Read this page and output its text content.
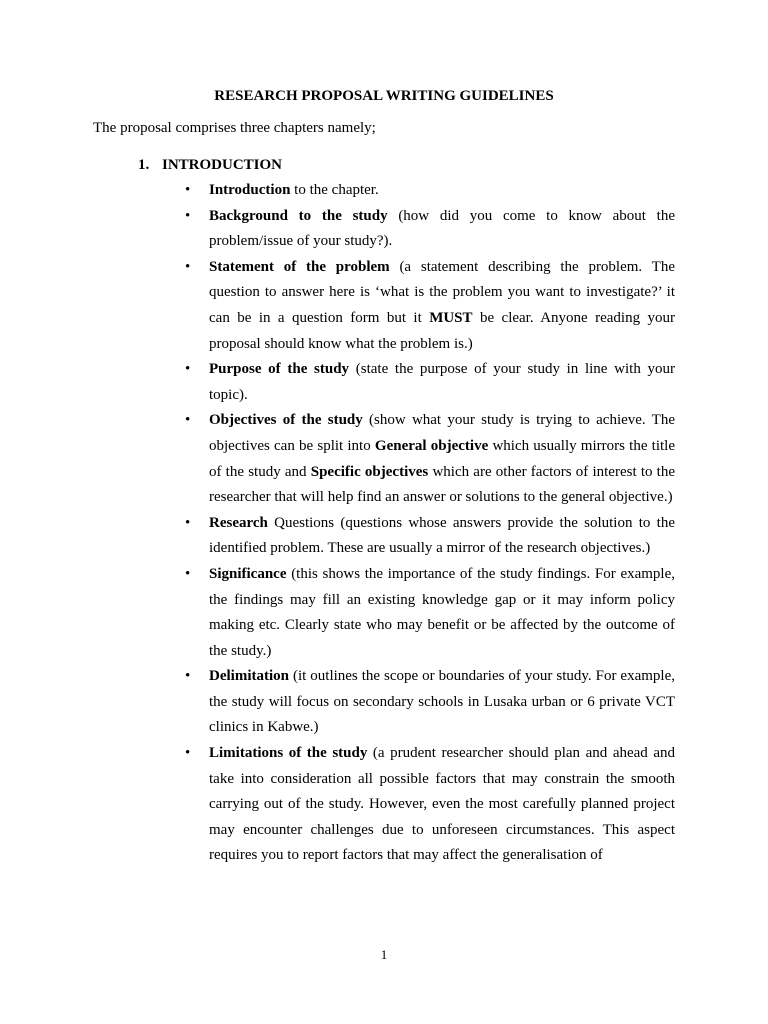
RESEARCH PROPOSAL WRITING GUIDELINES
The proposal comprises three chapters namely;
1. INTRODUCTION
• Introduction to the chapter.
• Background to the study (how did you come to know about the problem/issue of your study?).
• Statement of the problem (a statement describing the problem. The question to answer here is ‘what is the problem you want to investigate?’ it can be in a question form but it MUST be clear. Anyone reading your proposal should know what the problem is.)
• Purpose of the study (state the purpose of your study in line with your topic).
• Objectives of the study (show what your study is trying to achieve. The objectives can be split into General objective which usually mirrors the title of the study and Specific objectives which are other factors of interest to the researcher that will help find an answer or solutions to the general objective.)
• Research Questions (questions whose answers provide the solution to the identified problem. These are usually a mirror of the research objectives.)
• Significance (this shows the importance of the study findings. For example, the findings may fill an existing knowledge gap or it may inform policy making etc. Clearly state who may benefit or be affected by the outcome of the study.)
• Delimitation (it outlines the scope or boundaries of your study. For example, the study will focus on secondary schools in Lusaka urban or 6 private VCT clinics in Kabwe.)
• Limitations of the study (a prudent researcher should plan and ahead and take into consideration all possible factors that may constrain the smooth carrying out of the study. However, even the most carefully planned project may encounter challenges due to unforeseen circumstances. This aspect requires you to report factors that may affect the generalisation of
1
